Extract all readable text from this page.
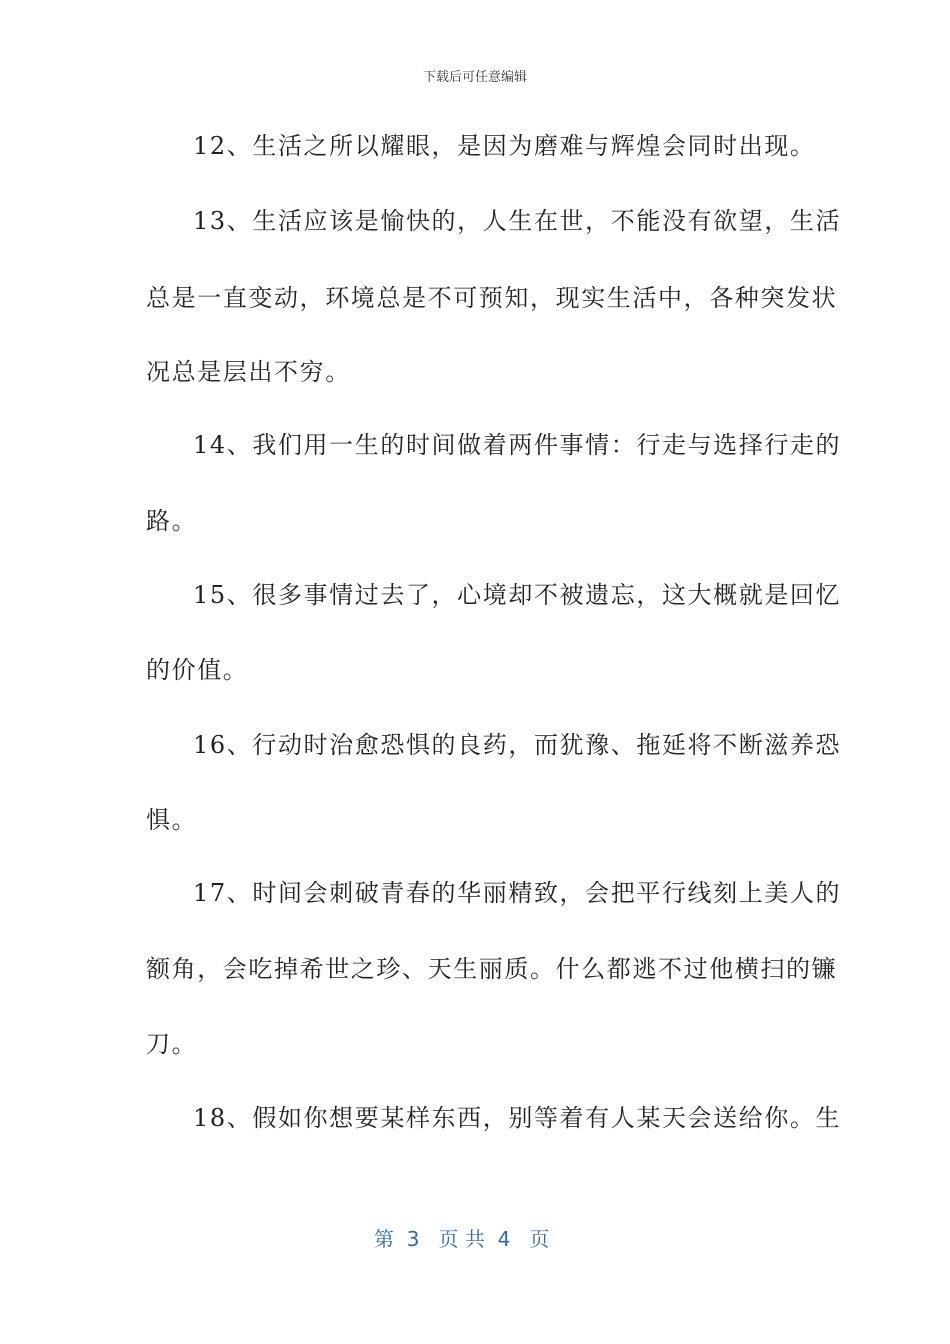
下载后可任意编辑
12、生活之所以耀眼，是因为磨难与辉煌会同时出现。
13、生活应该是愉快的，人生在世，不能没有欲望，生活
总是一直变动，环境总是不可预知，现实生活中，各种突发状
况总是层出不穷。
14、我们用一生的时间做着两件事情：行走与选择行走的
路。
15、很多事情过去了，心境却不被遗忘，这大概就是回忆
的价值。
16、行动时治愈恐惧的良药，而犹豫、拖延将不断滋养恐
惧。
17、时间会刺破青春的华丽精致，会把平行线刻上美人的
额角，会吃掉希世之珍、天生丽质。什么都逃不过他横扫的镰
刀。
18、假如你想要某样东西，别等着有人某天会送给你。生
第  3   页 共  4   页
